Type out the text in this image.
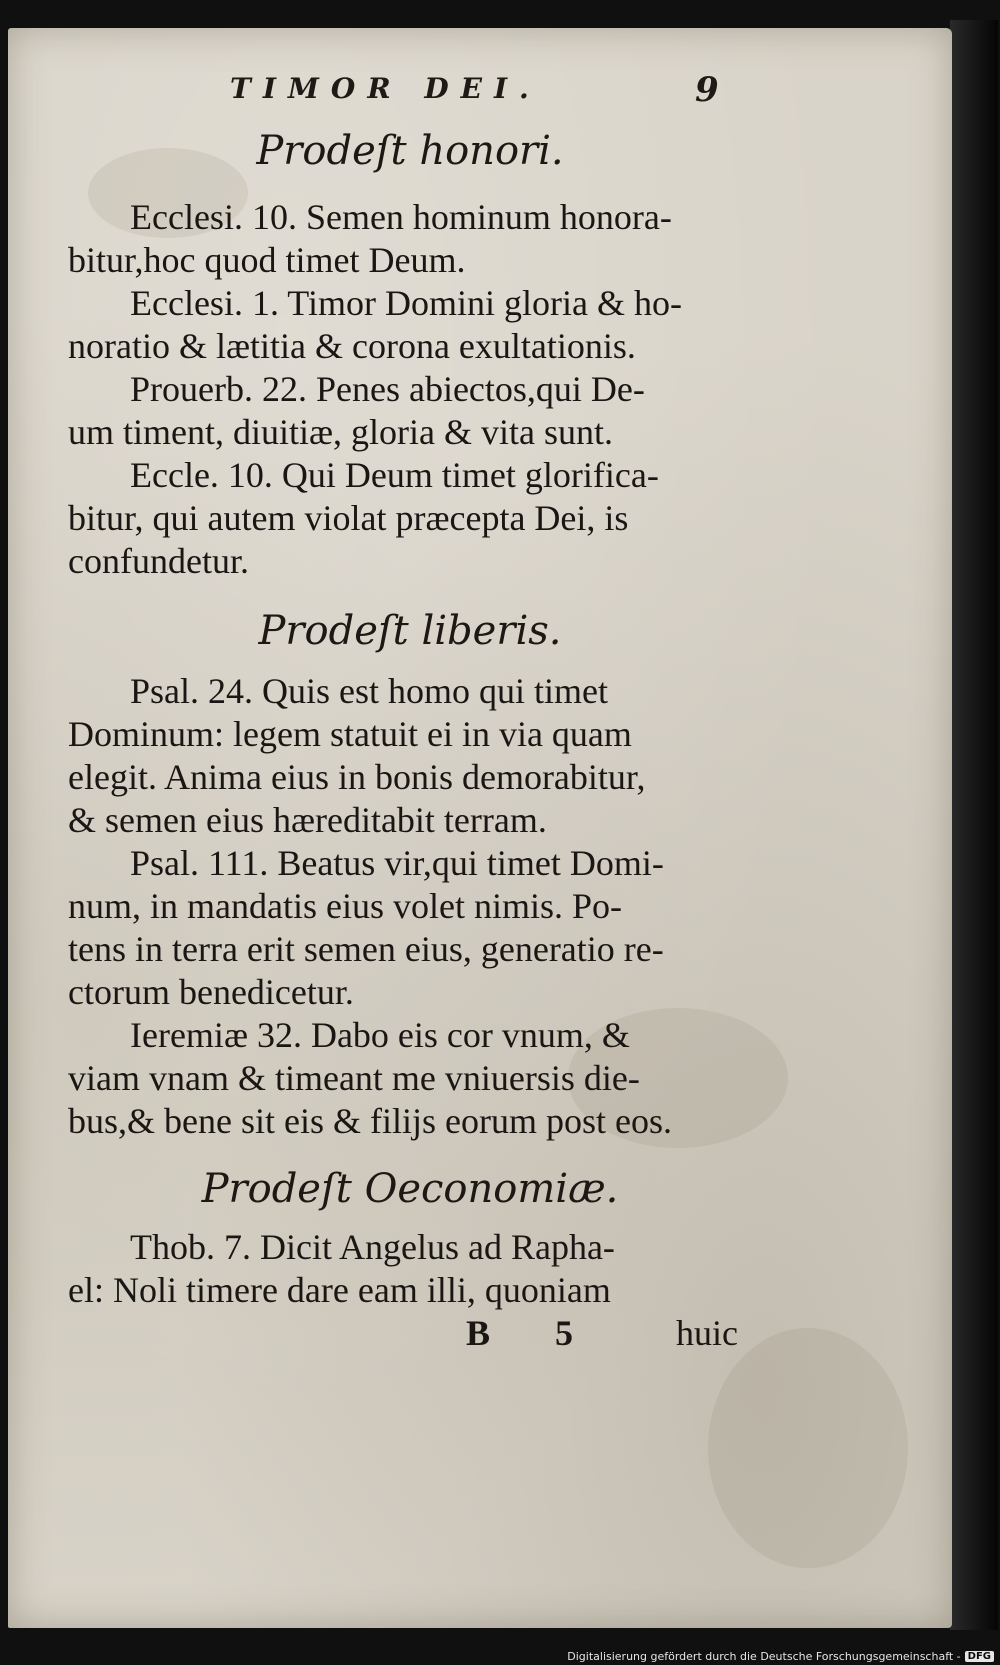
TIMOR DEI.	9
Prodeſt honori.
Ecclesi. 10. Semen hominum honora-
bitur,hoc quod timet Deum.
Ecclesi. 1. Timor Domini gloria & ho-
noratio & lætitia & corona exultationis.
Prouerb. 22. Penes abiectos,qui De-
um timent, diuitiæ, gloria & vita sunt.
Eccle. 10. Qui Deum timet glorifica-
bitur, qui autem violat præcepta Dei, is
confundetur.
Prodeſt liberis.
Psal. 24. Quis est homo qui timet
Dominum: legem statuit ei in via quam
elegit. Anima eius in bonis demorabitur,
& semen eius hæreditabit terram.
Psal. 111. Beatus vir,qui timet Domi-
num, in mandatis eius volet nimis. Po-
tens in terra erit semen eius, generatio re-
ctorum benedicetur.
Ieremiæ 32. Dabo eis cor vnum, &
viam vnam & timeant me vniuersis die-
bus,& bene sit eis & filijs eorum post eos.
Prodeſt Oeconomiæ.
Thob. 7. Dicit Angelus ad Rapha-
el: Noli timere dare eam illi, quoniam
B 5 huic
Digitalisierung gefördert durch die Deutsche Forschungsgemeinschaft - DFG
